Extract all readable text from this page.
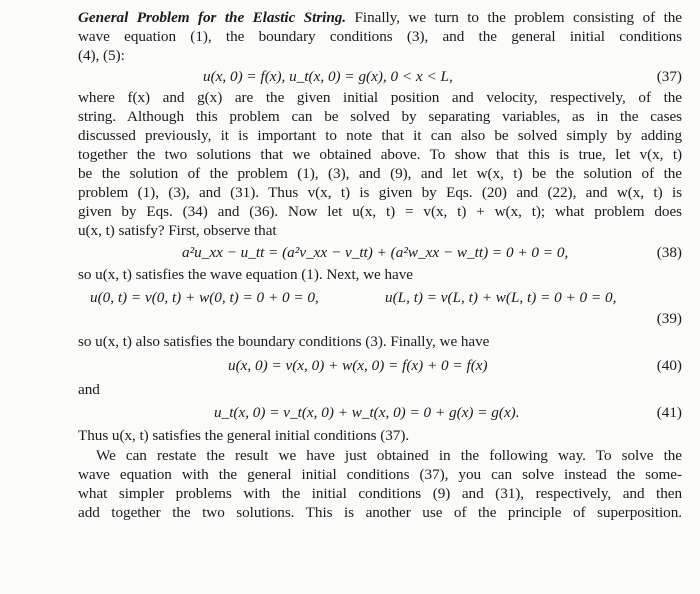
General Problem for the Elastic String. Finally, we turn to the problem consisting of the
wave equation (1), the boundary conditions (3), and the general initial conditions
(4), (5):
u(x, 0) = f(x), u_t(x, 0) = g(x), 0 < x < L,	(37)
where f(x) and g(x) are the given initial position and velocity, respectively, of the
string. Although this problem can be solved by separating variables, as in the cases
discussed previously, it is important to note that it can also be solved simply by adding
together the two solutions that we obtained above. To show that this is true, let v(x, t)
be the solution of the problem (1), (3), and (9), and let w(x, t) be the solution of the
problem (1), (3), and (31). Thus v(x, t) is given by Eqs. (20) and (22), and w(x, t) is
given by Eqs. (34) and (36). Now let u(x, t) = v(x, t) + w(x, t); what problem does
u(x, t) satisfy? First, observe that
a²u_xx − u_tt = (a²v_xx − v_tt) + (a²w_xx − w_tt) = 0 + 0 = 0,	(38)
so u(x, t) satisfies the wave equation (1). Next, we have
u(0, t) = v(0, t) + w(0, t) = 0 + 0 = 0,	u(L, t) = v(L, t) + w(L, t) = 0 + 0 = 0,
(39)
so u(x, t) also satisfies the boundary conditions (3). Finally, we have
u(x, 0) = v(x, 0) + w(x, 0) = f(x) + 0 = f(x)	(40)
and
u_t(x, 0) = v_t(x, 0) + w_t(x, 0) = 0 + g(x) = g(x).	(41)
Thus u(x, t) satisfies the general initial conditions (37).
We can restate the result we have just obtained in the following way. To solve the
wave equation with the general initial conditions (37), you can solve instead the some-
what simpler problems with the initial conditions (9) and (31), respectively, and then
add together the two solutions. This is another use of the principle of superposition.
